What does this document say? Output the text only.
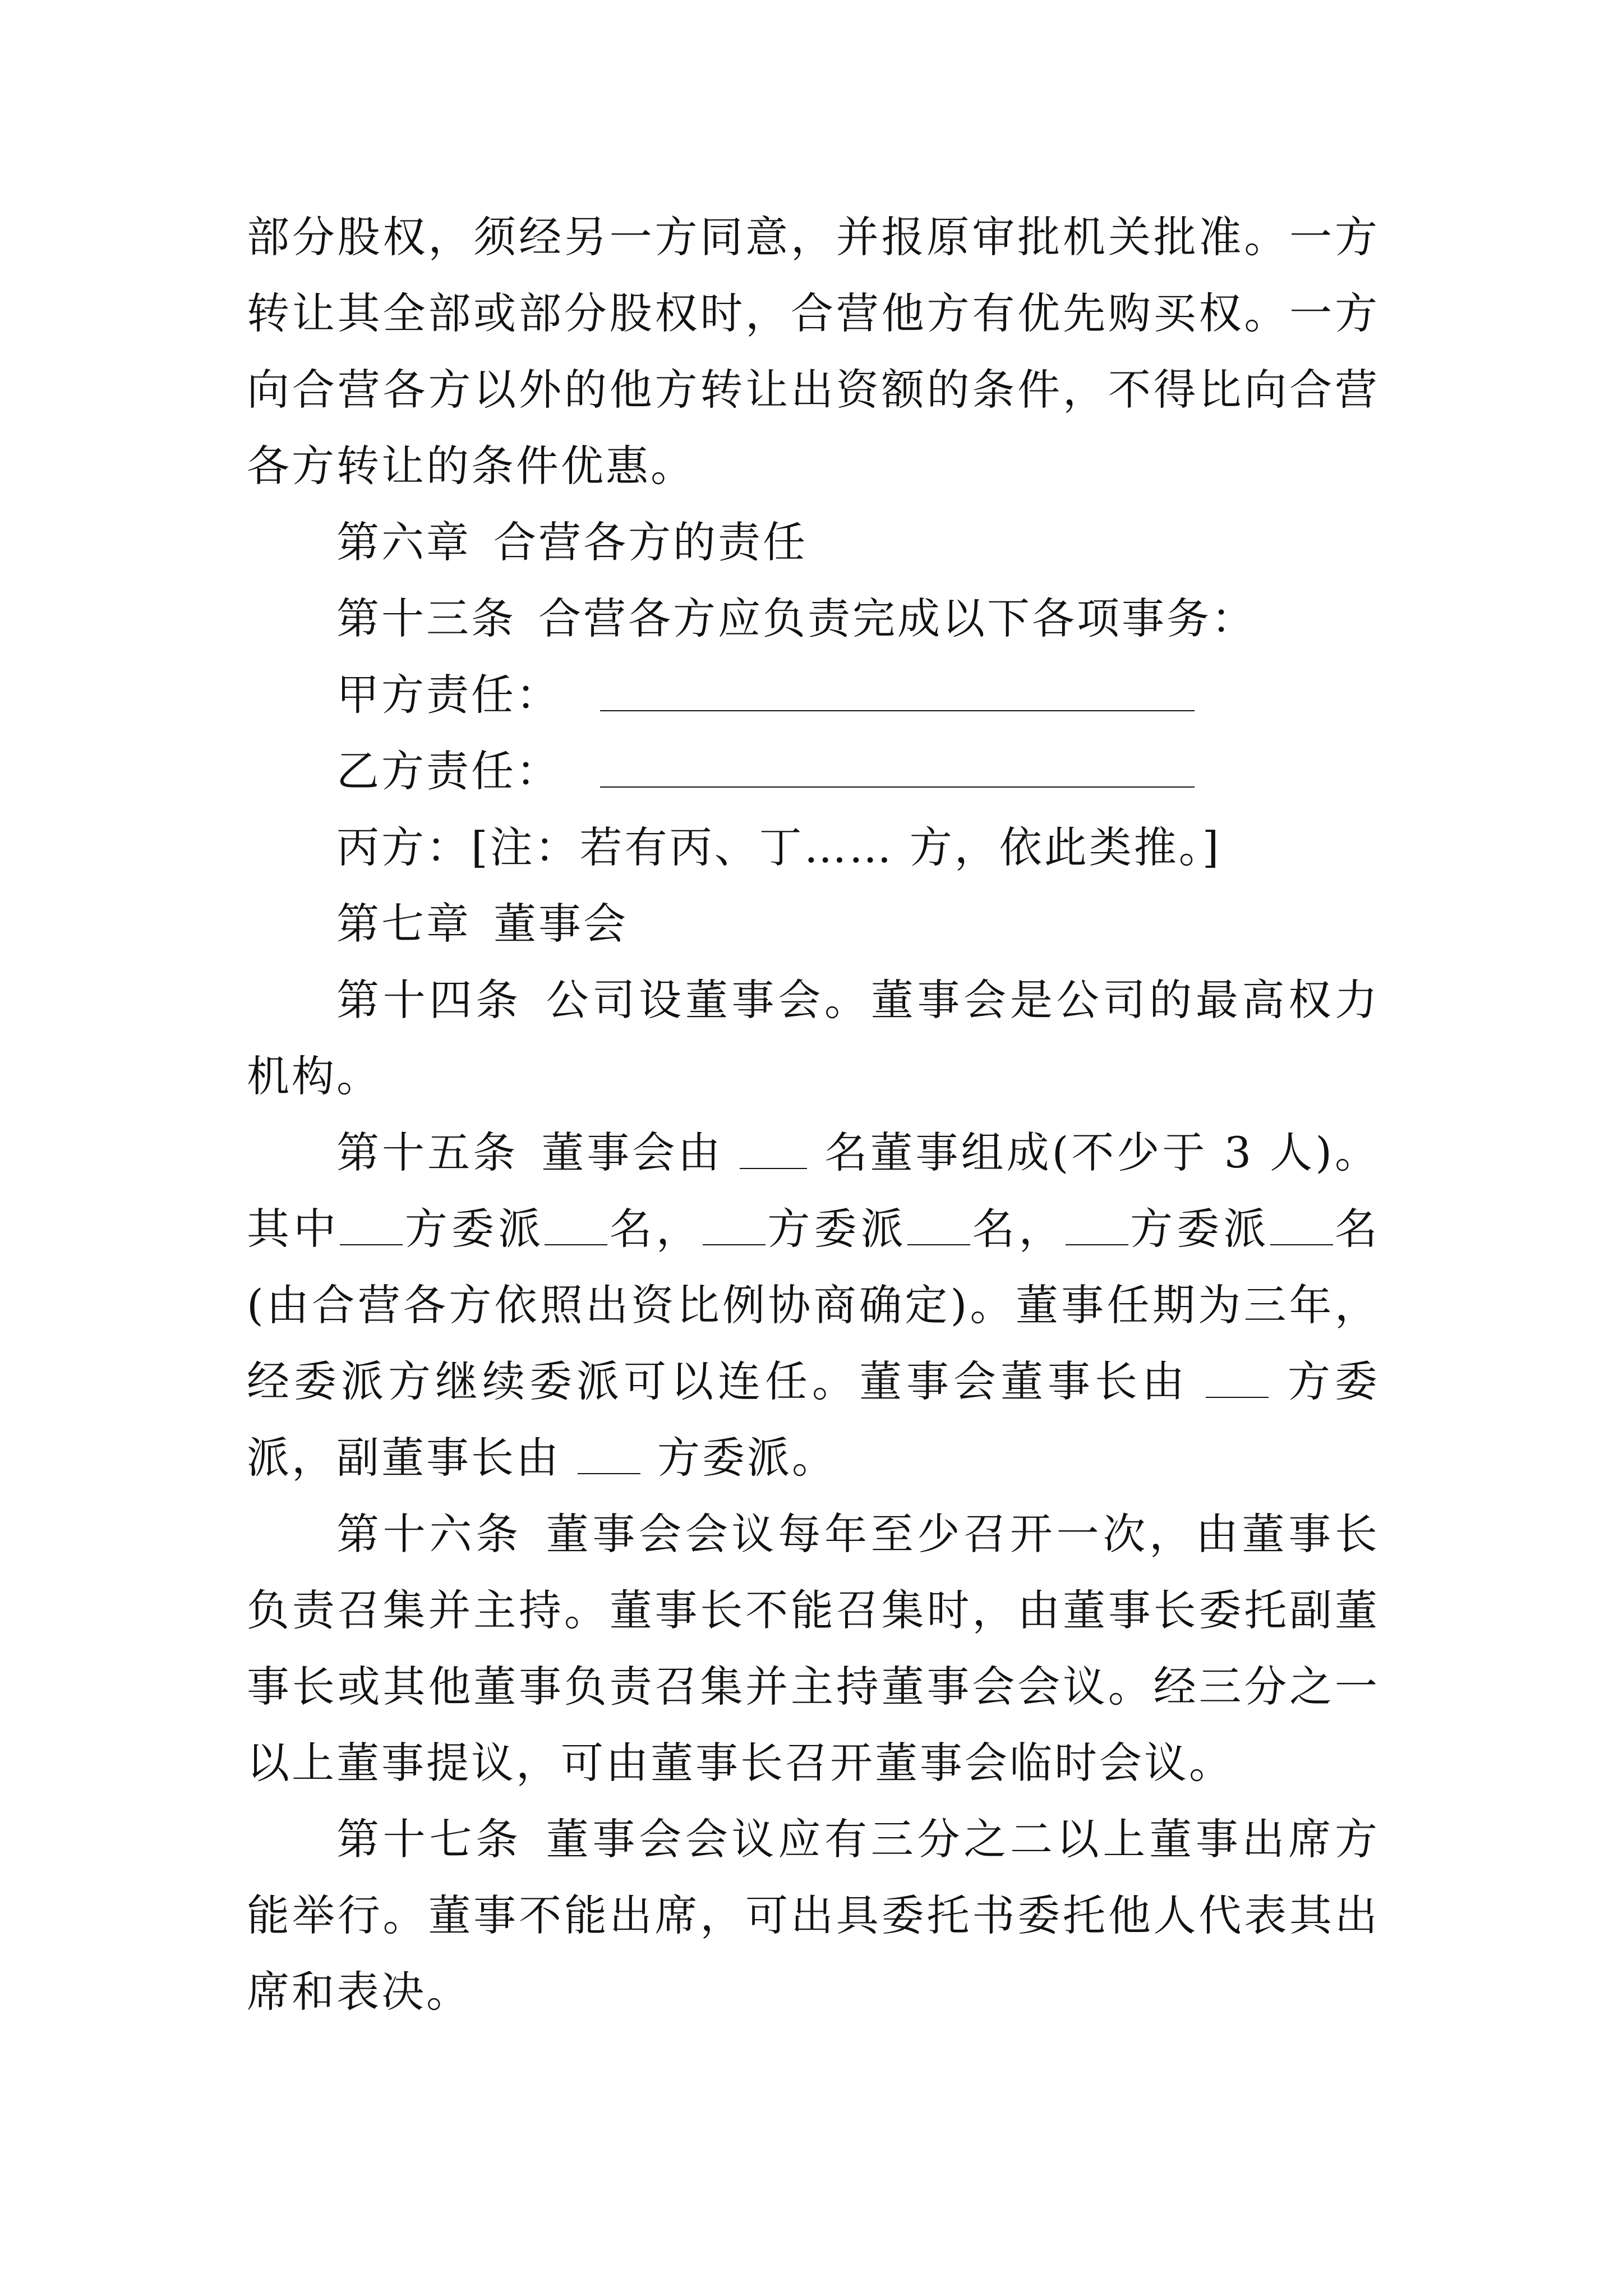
部分股权，须经另一方同意，并报原审批机关批准。一方转让其全部或部分股权时，合营他方有优先购买权。一方向合营各方以外的他方转让出资额的条件，不得比向合营各方转让的条件优惠。

第六章 合营各方的责任

第十三条 合营各方应负责完成以下各项事务：

甲方责任：

乙方责任：

丙方：[注：若有丙、丁…… 方，依此类推。]

第七章 董事会

第十四条 公司设董事会。董事会是公司的最高权力机构。

第十五条 董事会由 名董事组成(不少于 3 人)。其中 方委派 名， 方委派 名， 方委派 名(由合营各方依照出资比例协商确定)。董事任期为三年，经委派方继续委派可以连任。董事会董事长由 方委派，副董事长由 方委派。

第十六条 董事会会议每年至少召开一次，由董事长负责召集并主持。董事长不能召集时，由董事长委托副董事长或其他董事负责召集并主持董事会会议。经三分之一以上董事提议，可由董事长召开董事会临时会议。

第十七条 董事会会议应有三分之二以上董事出席方能举行。董事不能出席，可出具委托书委托他人代表其出席和表决。
